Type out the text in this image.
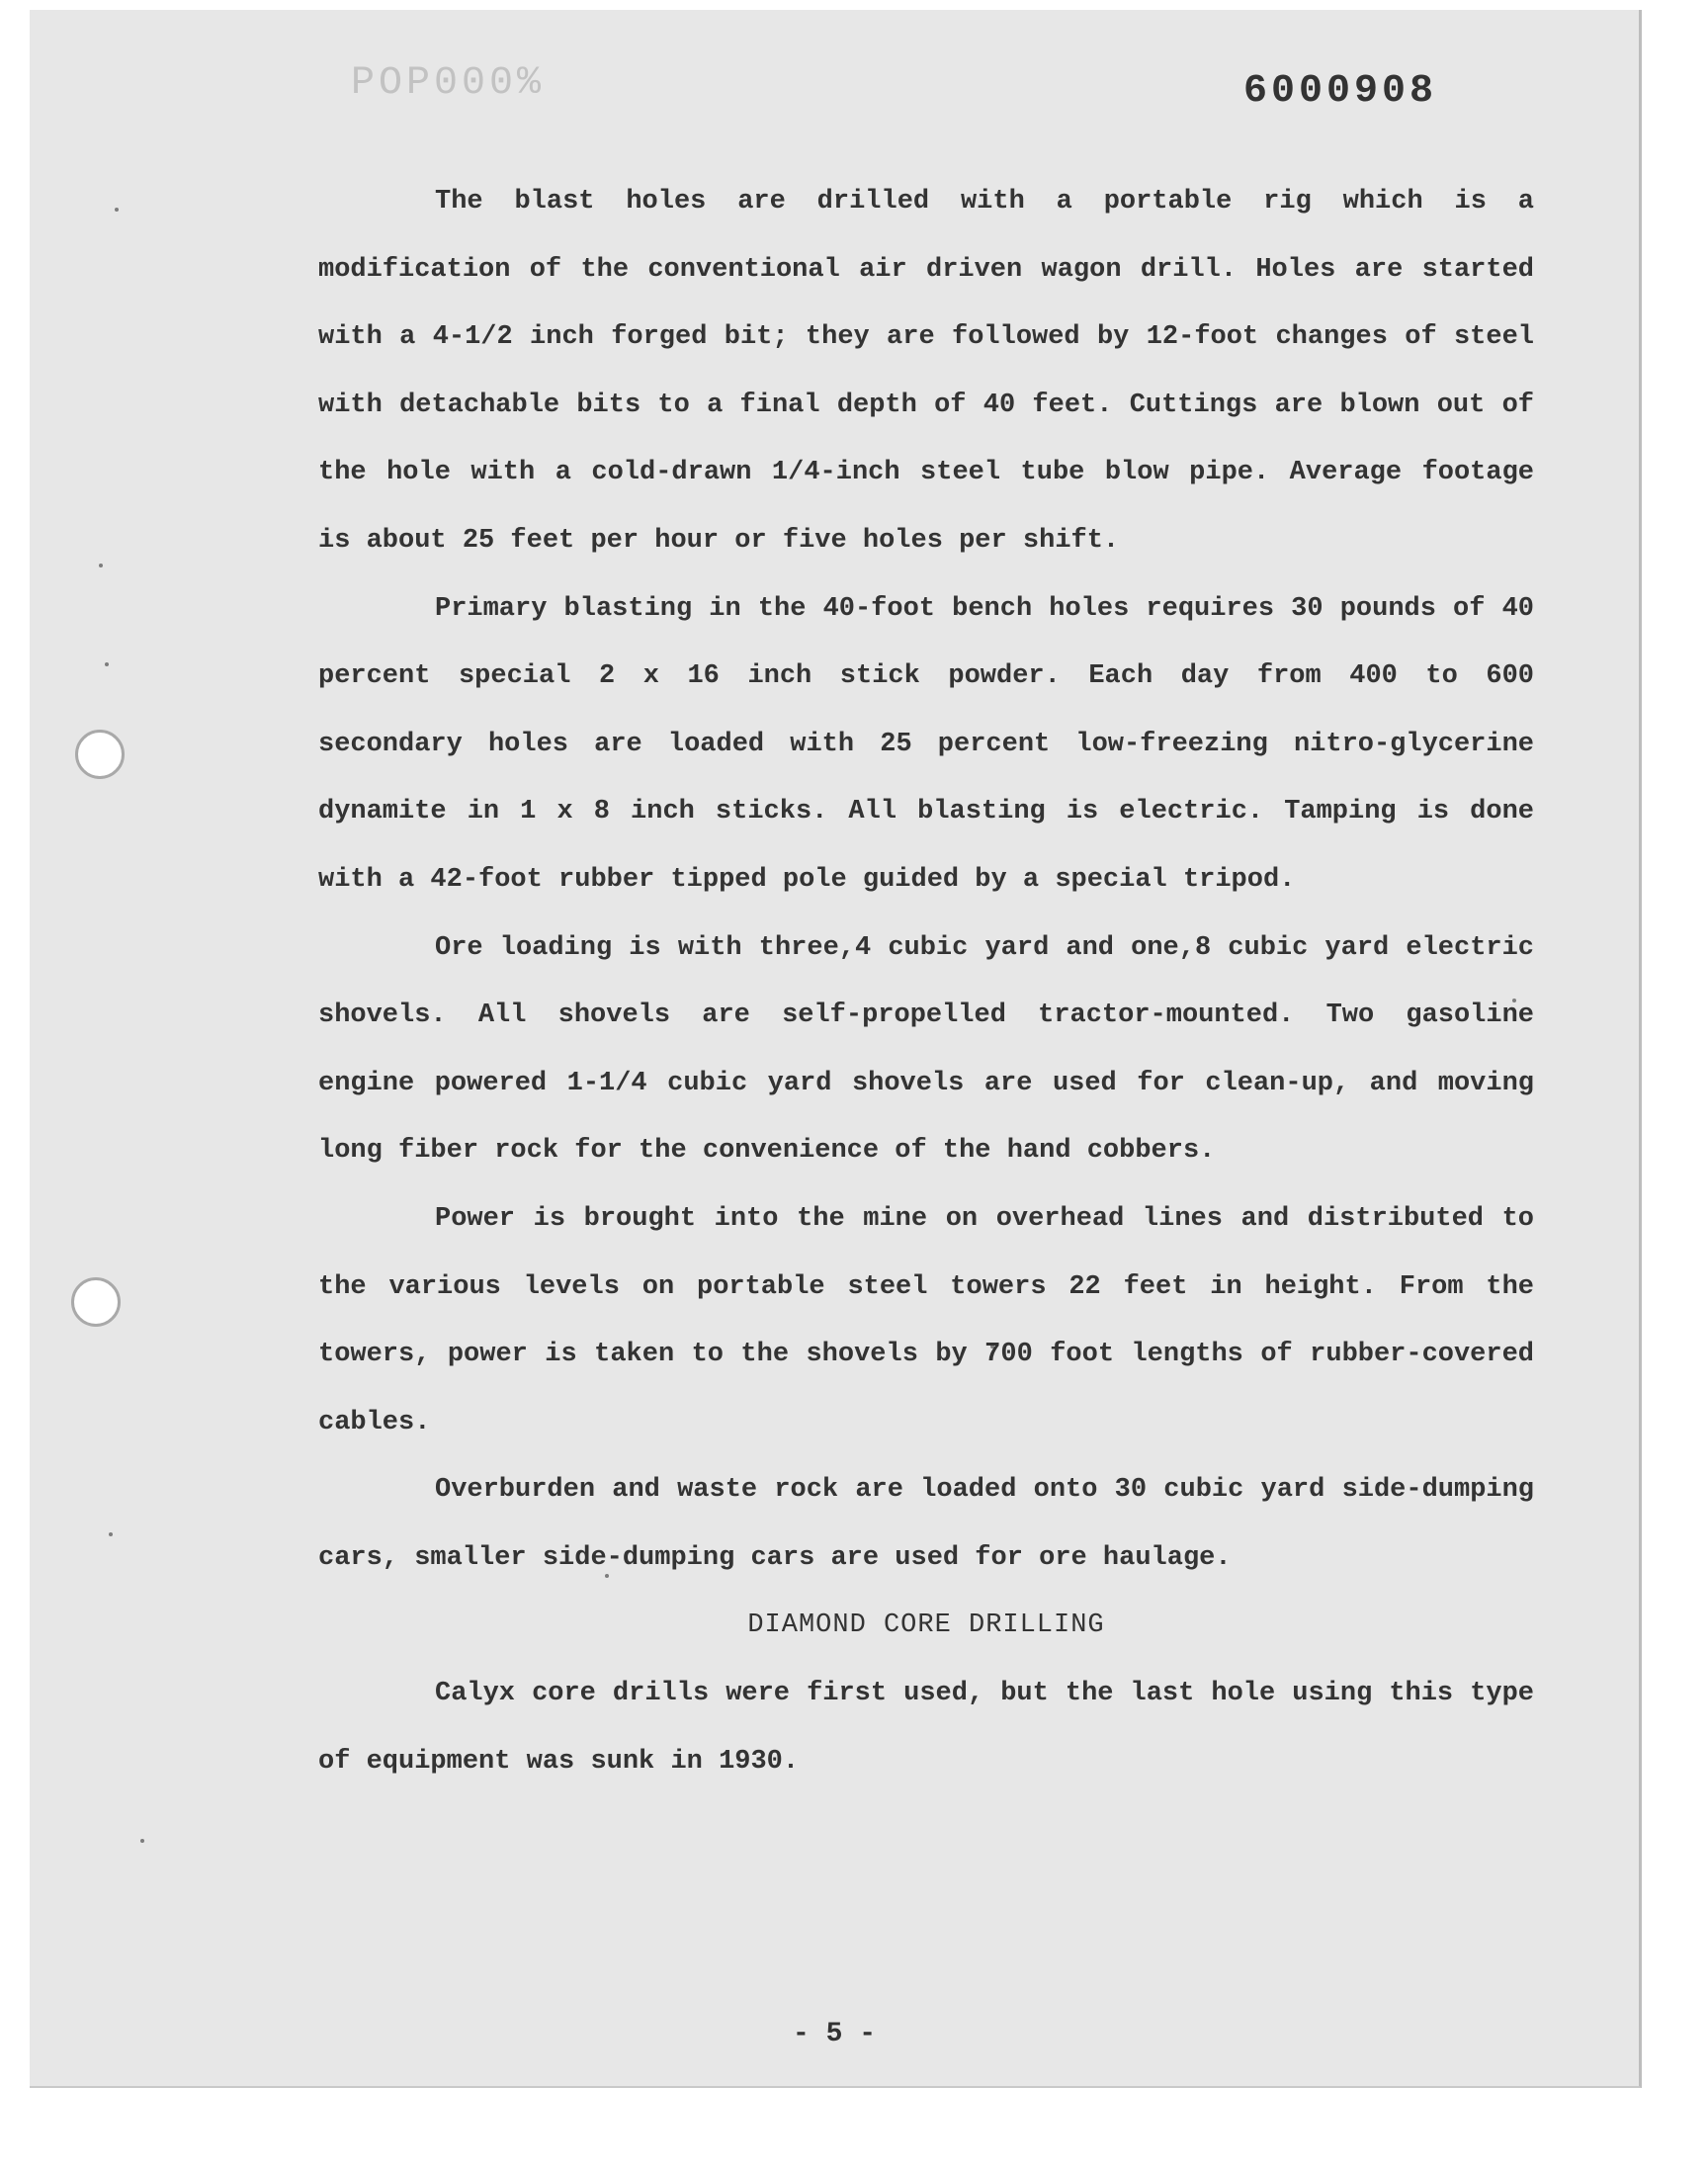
POP000%	6000908

The blast holes are drilled with a portable rig which is a modification of the conventional air driven wagon drill. Holes are started with a 4-1/2 inch forged bit; they are followed by 12-foot changes of steel with detachable bits to a final depth of 40 feet. Cuttings are blown out of the hole with a cold-drawn 1/4-inch steel tube blow pipe. Average footage is about 25 feet per hour or five holes per shift.

Primary blasting in the 40-foot bench holes requires 30 pounds of 40 percent special 2 x 16 inch stick powder. Each day from 400 to 600 secondary holes are loaded with 25 percent low-freezing nitro-glycerine dynamite in 1 x 8 inch sticks. All blasting is electric. Tamping is done with a 42-foot rubber tipped pole guided by a special tripod.

Ore loading is with three,4 cubic yard and one,8 cubic yard electric shovels. All shovels are self-propelled tractor-mounted. Two gasoline engine powered 1-1/4 cubic yard shovels are used for clean-up, and moving long fiber rock for the convenience of the hand cobbers.

Power is brought into the mine on overhead lines and distributed to the various levels on portable steel towers 22 feet in height. From the towers, power is taken to the shovels by 700 foot lengths of rubber-covered cables.

Overburden and waste rock are loaded onto 30 cubic yard side-dumping cars, smaller side-dumping cars are used for ore haulage.

DIAMOND CORE DRILLING

Calyx core drills were first used, but the last hole using this type of equipment was sunk in 1930.

- 5 -
